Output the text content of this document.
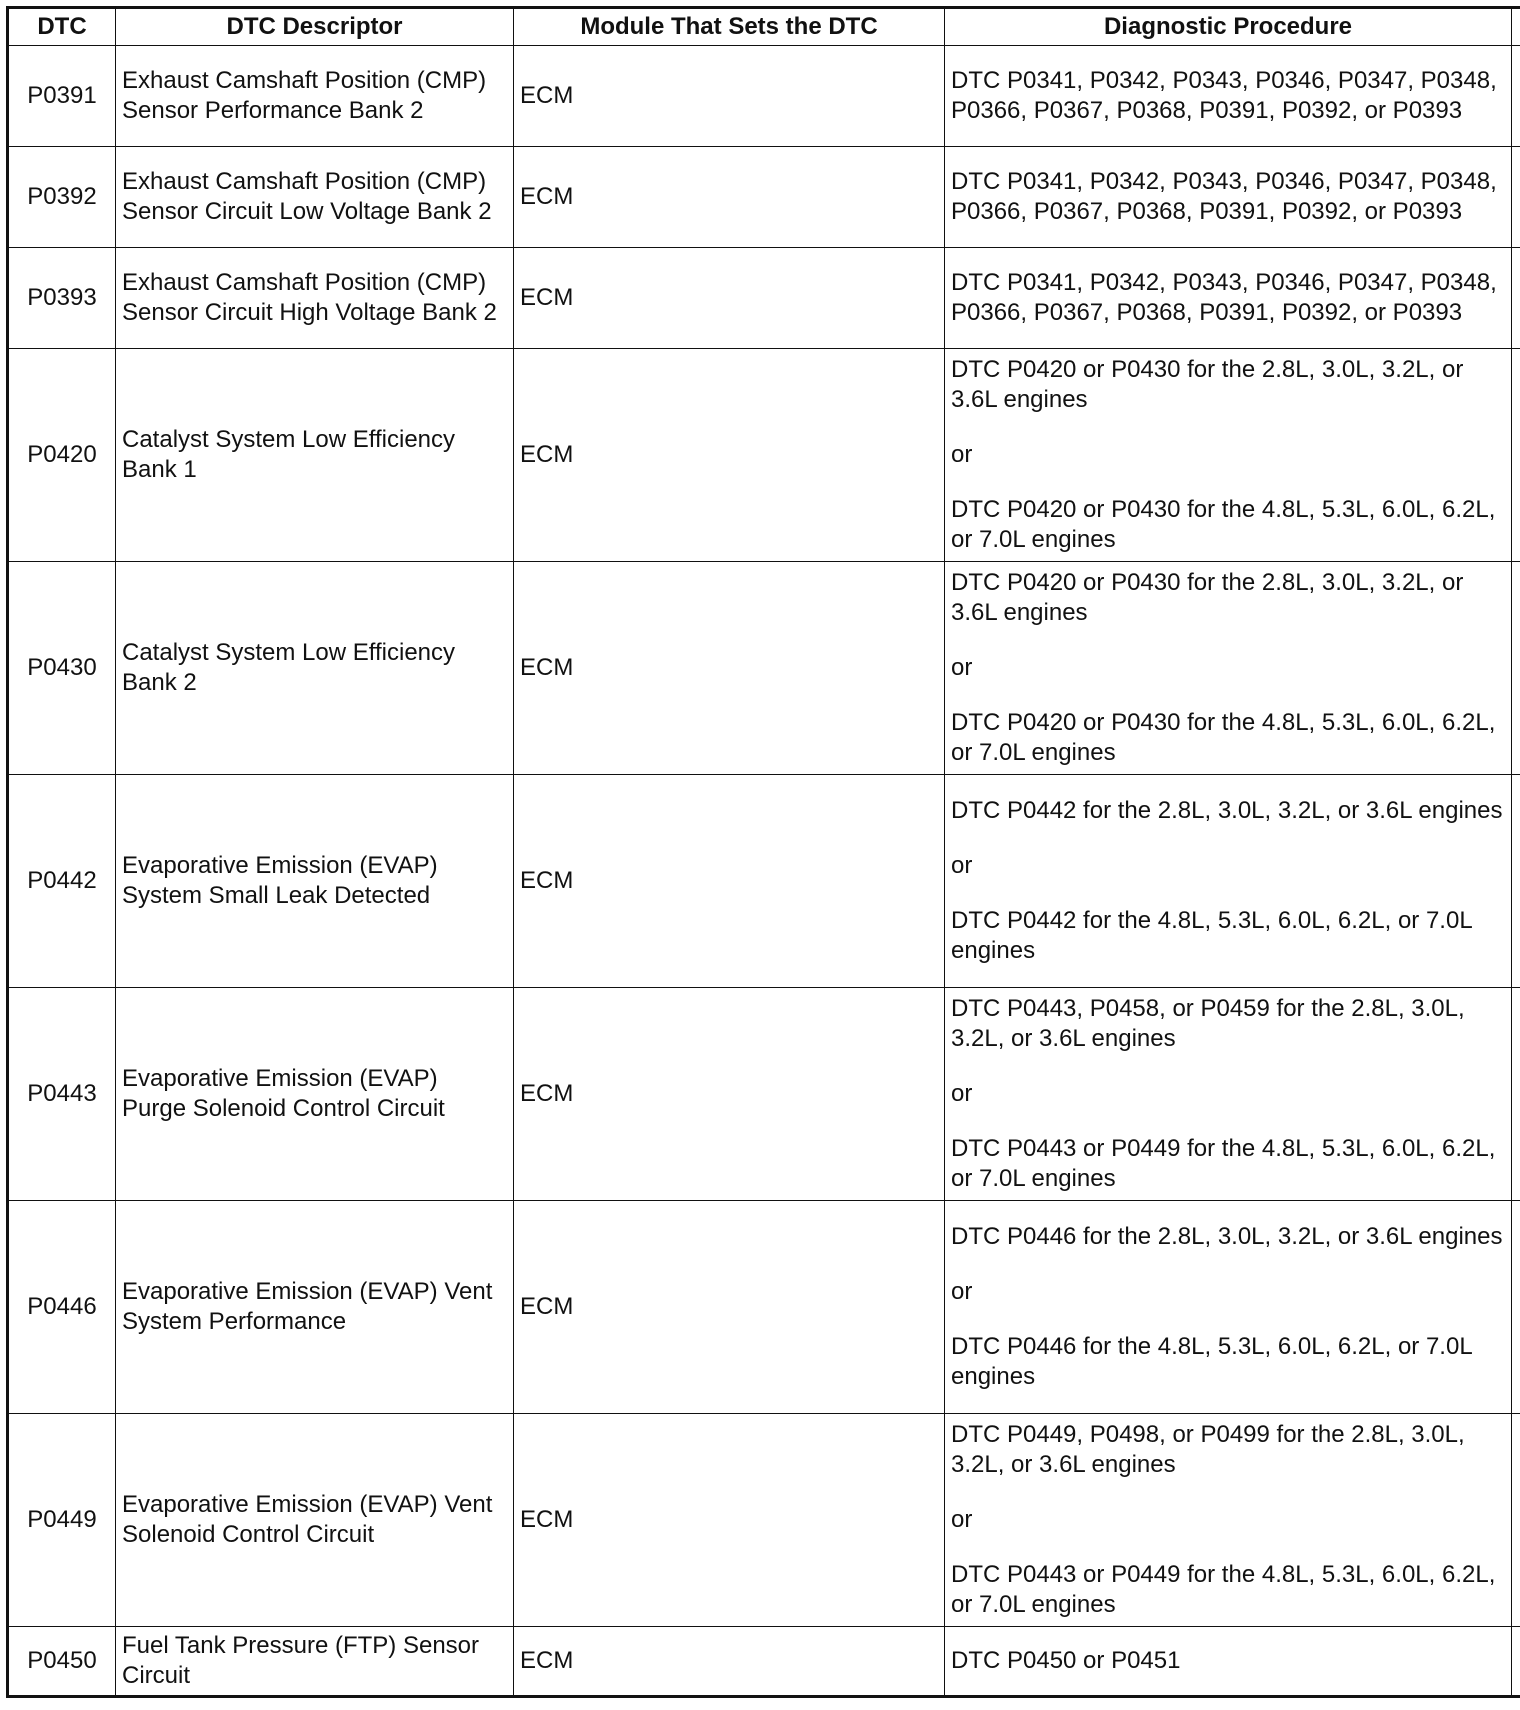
DTC	DTC Descriptor	Module That Sets the DTC	Diagnostic Procedure	
P0391	Exhaust Camshaft Position (CMP) Sensor Performance Bank 2	ECM	DTC P0341, P0342, P0343, P0346, P0347, P0348, P0366, P0367, P0368, P0391, P0392, or P0393	

P0392	Exhaust Camshaft Position (CMP) Sensor Circuit Low Voltage Bank 2	ECM	DTC P0341, P0342, P0343, P0346, P0347, P0348, P0366, P0367, P0368, P0391, P0392, or P0393	

P0393	Exhaust Camshaft Position (CMP) Sensor Circuit High Voltage Bank 2	ECM	DTC P0341, P0342, P0343, P0346, P0347, P0348, P0366, P0367, P0368, P0391, P0392, or P0393	

P0420	Catalyst System Low Efficiency Bank 1	ECM	DTC P0420 or P0430 for the 2.8L, 3.0L, 3.2L, or 3.6L engines
or
DTC P0420 or P0430 for the 4.8L, 5.3L, 6.0L, 6.2L, or 7.0L engines	

P0430	Catalyst System Low Efficiency Bank 2	ECM	DTC P0420 or P0430 for the 2.8L, 3.0L, 3.2L, or 3.6L engines
or
DTC P0420 or P0430 for the 4.8L, 5.3L, 6.0L, 6.2L, or 7.0L engines	

P0442	Evaporative Emission (EVAP) System Small Leak Detected	ECM	DTC P0442 for the 2.8L, 3.0L, 3.2L, or 3.6L engines
or
DTC P0442 for the 4.8L, 5.3L, 6.0L, 6.2L, or 7.0L engines	

P0443	Evaporative Emission (EVAP) Purge Solenoid Control Circuit	ECM	DTC P0443, P0458, or P0459 for the 2.8L, 3.0L, 3.2L, or 3.6L engines
or
DTC P0443 or P0449 for the 4.8L, 5.3L, 6.0L, 6.2L, or 7.0L engines	

P0446	Evaporative Emission (EVAP) Vent System Performance	ECM	DTC P0446 for the 2.8L, 3.0L, 3.2L, or 3.6L engines
or
DTC P0446 for the 4.8L, 5.3L, 6.0L, 6.2L, or 7.0L engines	

P0449	Evaporative Emission (EVAP) Vent Solenoid Control Circuit	ECM	DTC P0449, P0498, or P0499 for the 2.8L, 3.0L, 3.2L, or 3.6L engines
or
DTC P0443 or P0449 for the 4.8L, 5.3L, 6.0L, 6.2L, or 7.0L engines	

P0450	Fuel Tank Pressure (FTP) Sensor Circuit	ECM	DTC P0450 or P0451	
